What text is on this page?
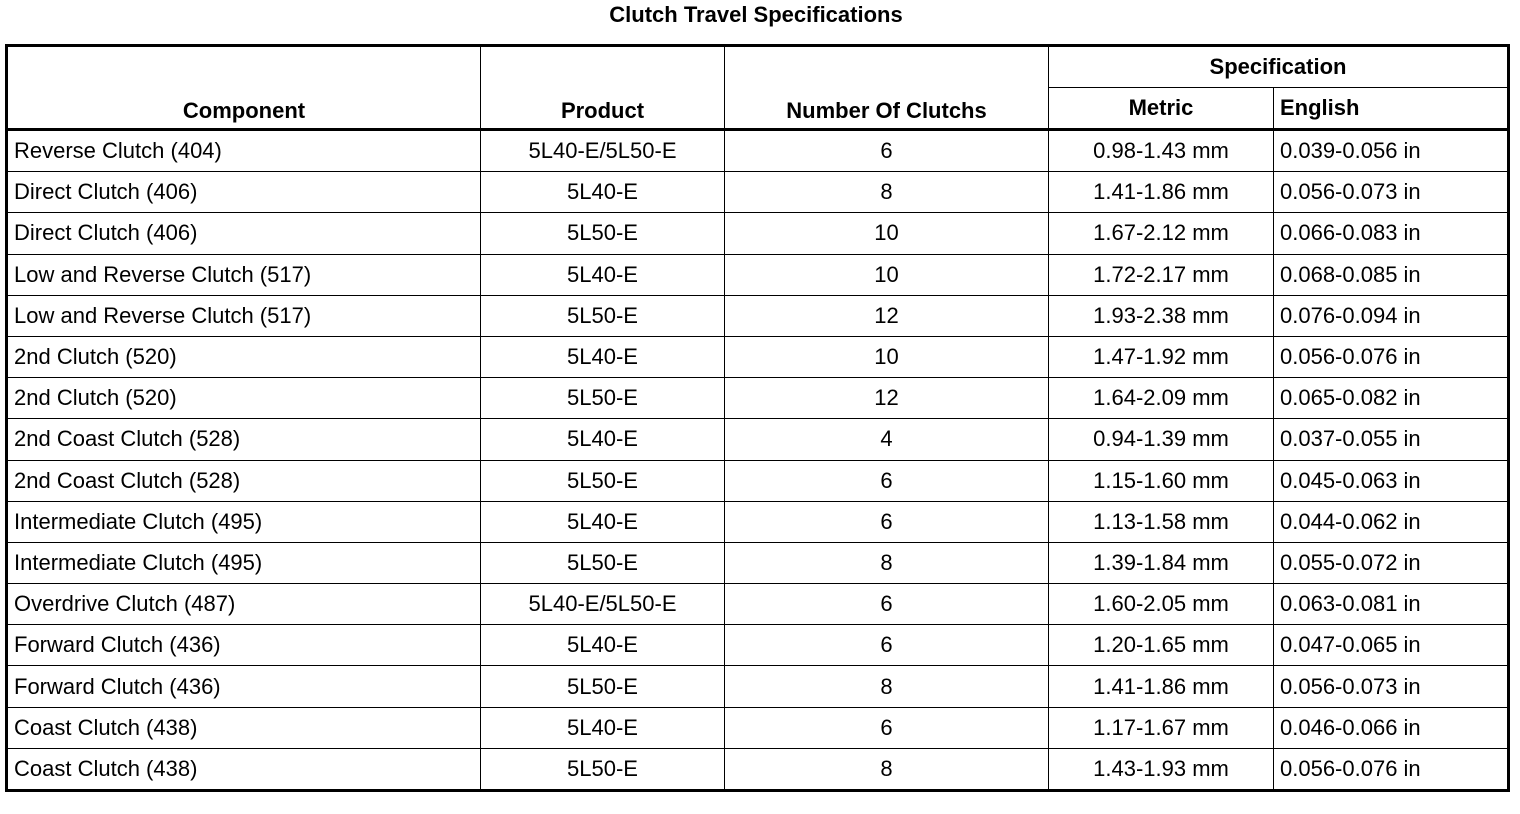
Clutch Travel Specifications
Component	Product	Number Of Clutchs	Specification	
			Metric	English
Reverse Clutch (404)	5L40-E/5L50-E	6	0.98-1.43 mm	0.039-0.056 in
Direct Clutch (406)	5L40-E	8	1.41-1.86 mm	0.056-0.073 in
Direct Clutch (406)	5L50-E	10	1.67-2.12 mm	0.066-0.083 in
Low and Reverse Clutch (517)	5L40-E	10	1.72-2.17 mm	0.068-0.085 in
Low and Reverse Clutch (517)	5L50-E	12	1.93-2.38 mm	0.076-0.094 in
2nd Clutch (520)	5L40-E	10	1.47-1.92 mm	0.056-0.076 in
2nd Clutch (520)	5L50-E	12	1.64-2.09 mm	0.065-0.082 in
2nd Coast Clutch (528)	5L40-E	4	0.94-1.39 mm	0.037-0.055 in
2nd Coast Clutch (528)	5L50-E	6	1.15-1.60 mm	0.045-0.063 in
Intermediate Clutch (495)	5L40-E	6	1.13-1.58 mm	0.044-0.062 in
Intermediate Clutch (495)	5L50-E	8	1.39-1.84 mm	0.055-0.072 in
Overdrive Clutch (487)	5L40-E/5L50-E	6	1.60-2.05 mm	0.063-0.081 in
Forward Clutch (436)	5L40-E	6	1.20-1.65 mm	0.047-0.065 in
Forward Clutch (436)	5L50-E	8	1.41-1.86 mm	0.056-0.073 in
Coast Clutch (438)	5L40-E	6	1.17-1.67 mm	0.046-0.066 in
Coast Clutch (438)	5L50-E	8	1.43-1.93 mm	0.056-0.076 in
